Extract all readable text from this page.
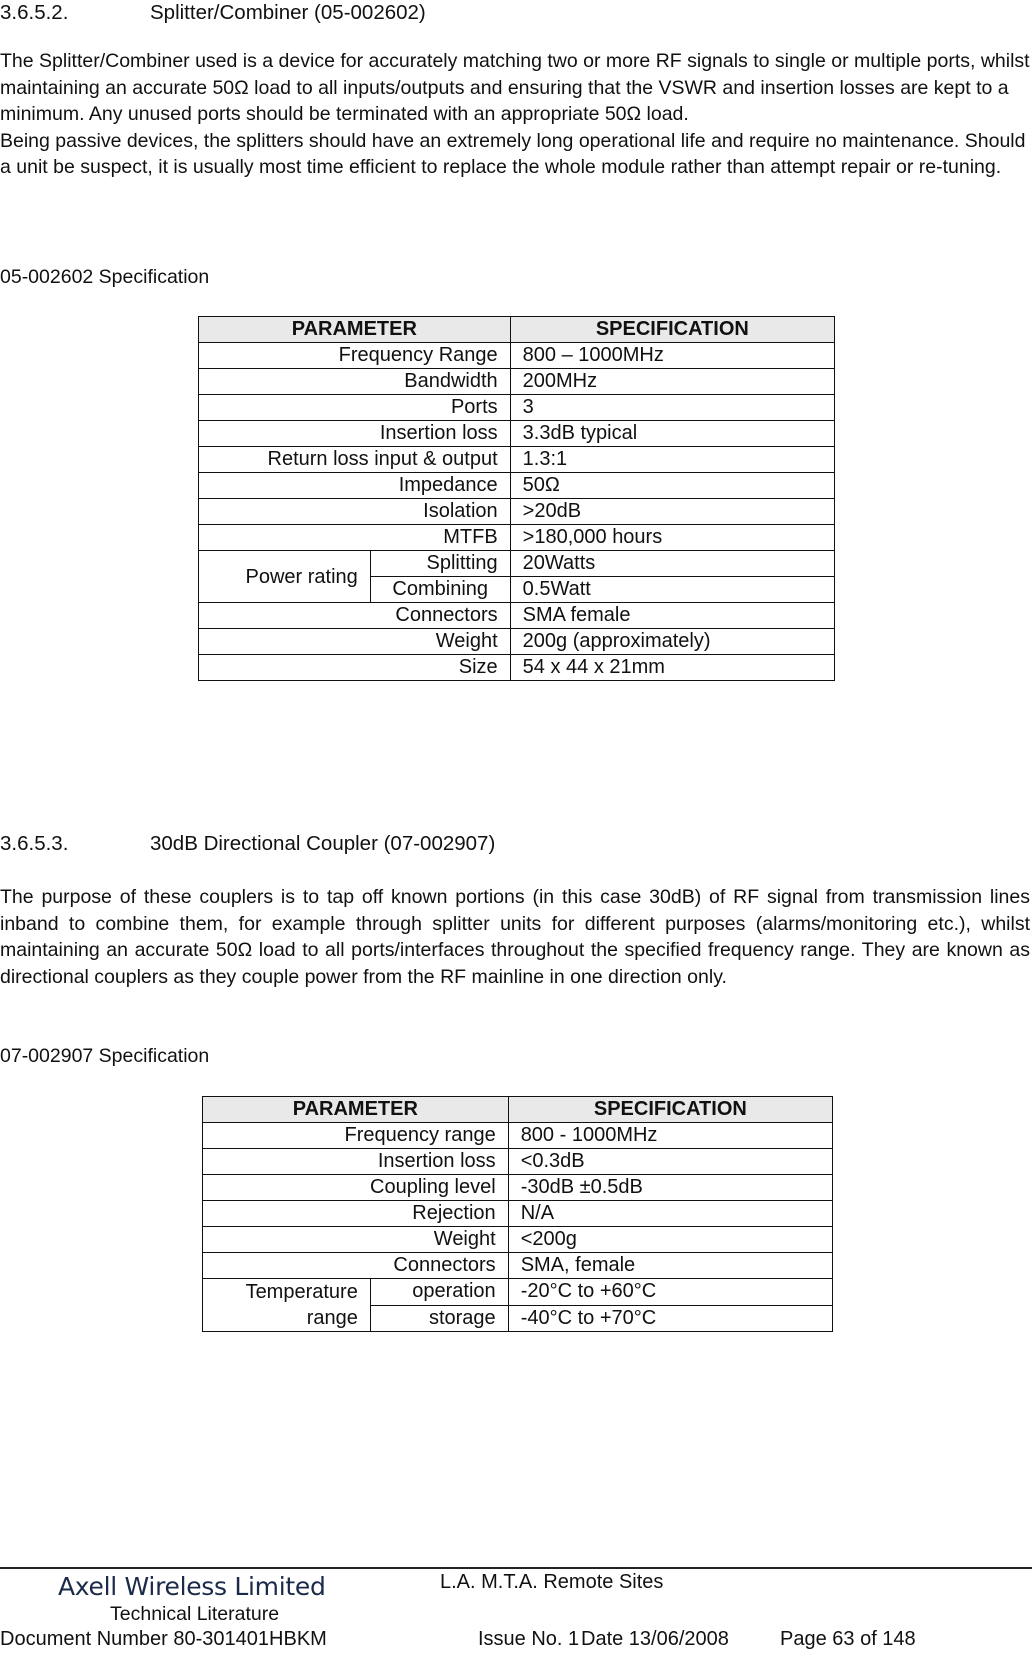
3.6.5.2.	Splitter/Combiner (05-002602)

The Splitter/Combiner used is a device for accurately matching two or more RF signals to single or multiple ports, whilst maintaining an accurate 50Ω load to all inputs/outputs and ensuring that the VSWR and insertion losses are kept to a minimum. Any unused ports should be terminated with an appropriate 50Ω load.

Being passive devices, the splitters should have an extremely long operational life and require no maintenance. Should a unit be suspect, it is usually most time efficient to replace the whole module rather than attempt repair or re-tuning.

05-002602 Specification
PARAMETER		SPECIFICATION
Frequency Range		800 – 1000MHz
Bandwidth		200MHz
Ports		3
Insertion loss		3.3dB typical
Return loss input & output		1.3:1
Impedance		50Ω
Isolation		>20dB
MTFB		>180,000 hours
Power rating	Splitting	20Watts
	Combining	0.5Watt
Connectors		SMA female
Weight		200g (approximately)
Size		54 x 44 x 21mm
3.6.5.3.	30dB Directional Coupler (07-002907)

The purpose of these couplers is to tap off known portions (in this case 30dB) of RF signal from transmission lines inband to combine them, for example through splitter units for different purposes (alarms/monitoring etc.), whilst maintaining an accurate 50Ω load to all ports/interfaces throughout the specified frequency range. They are known as directional couplers as they couple power from the RF mainline in one direction only.

07-002907 Specification
PARAMETER		SPECIFICATION
Frequency range		800 - 1000MHz
Insertion loss		<0.3dB
Coupling level		-30dB ±0.5dB
Rejection		N/A
Weight		<200g
Connectors		SMA, female

Temperature
range	operation	-20°C to +60°C
	storage	-40°C to +70°C
Axell Wireless Limited	L.A. M.T.A. Remote Sites
Technical Literature
Document Number 80-301401HBKM	Issue No. 1 Date 13/06/2008	Page 63 of 148
